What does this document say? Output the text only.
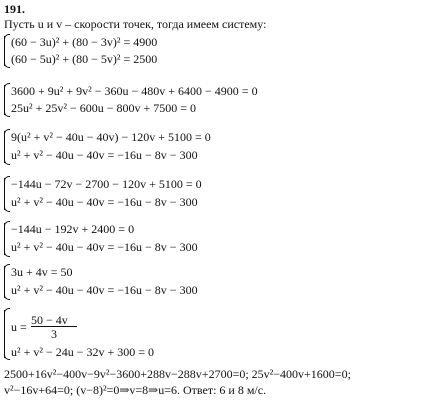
191.
Пусть u и v – скорости точек, тогда имеем систему:
(60 − 3u)² + (80 − 3v)² = 4900
(60 − 5u)² + (80 − 5v)² = 2500
3600 + 9u² + 9v² − 360u − 480v + 6400 − 4900 = 0
25u² + 25v² − 600u − 800v + 7500 = 0
9(u² + v² − 40u − 40v) − 120v + 5100 = 0
u² + v² − 40u − 40v = −16u − 8v − 300
−144u − 72v − 2700 − 120v + 5100 = 0
u² + v² − 40u − 40v = −16u − 8v − 300
−144u − 192v + 2400 = 0
u² + v² − 40u − 40v = −16u − 8v − 300
3u + 4v = 50
u² + v² − 40u − 40v = −16u − 8v − 300
u = 50 − 4v
3
u² + v² − 24u − 32v + 300 = 0
2500+16v²−400v−9v²−3600+288v−288v+2700=0; 25v²−400v+1600=0;
v²−16v+64=0; (v−8)²=0⇒v=8⇒u=6. Ответ: 6 и 8 м/с.
